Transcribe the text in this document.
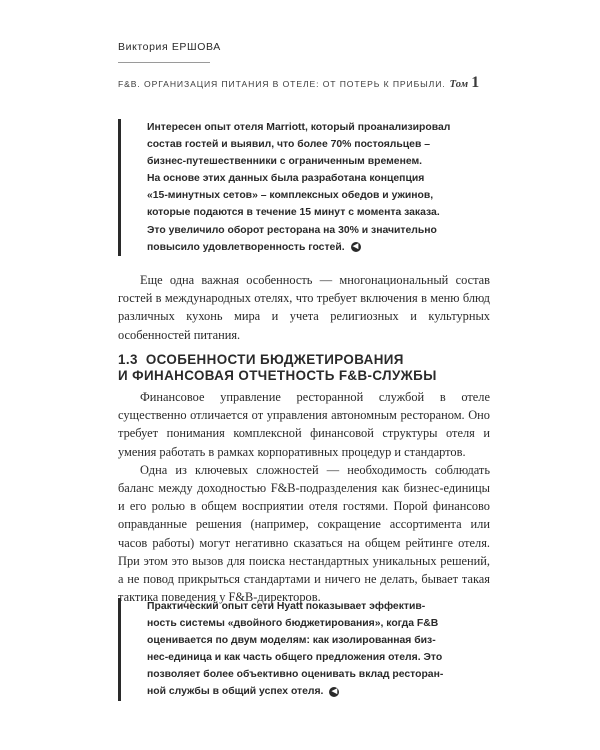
Виктория ЕРШОВА
F&B. ОРГАНИЗАЦИЯ ПИТАНИЯ В ОТЕЛЕ: ОТ ПОТЕРЬ К ПРИБЫЛИ. Том 1
Интересен опыт отеля Marriott, который проанализировал
состав гостей и выявил, что более 70% постояльцев –
бизнес-путешественники с ограниченным временем.
На основе этих данных была разработана концепция
«15-минутных сетов» – комплексных обедов и ужинов,
которые подаются в течение 15 минут с момента заказа.
Это увеличило оборот ресторана на 30% и значительно
повысило удовлетворенность гостей. ◀

Еще одна важная особенность — многонациональный состав гостей в международных отелях, что требует включения в меню блюд различных кухонь мира и учета религиозных и культурных особенностей питания.

1.3 ОСОБЕННОСТИ БЮДЖЕТИРОВАНИЯ
И ФИНАНСОВАЯ ОТЧЕТНОСТЬ F&B-СЛУЖБЫ

Финансовое управление ресторанной службой в отеле существенно отличается от управления автономным рестораном. Оно требует понимания комплексной финансовой структуры отеля и умения работать в рамках корпоративных процедур и стандартов.

Одна из ключевых сложностей — необходимость соблюдать баланс между доходностью F&B-подразделения как бизнес-единицы и его ролью в общем восприятии отеля гостями. Порой финансово оправданные решения (например, сокращение ассортимента или часов работы) могут негативно сказаться на общем рейтинге отеля. При этом это вызов для поиска нестандартных уникальных решений, а не повод прикрыться стандартами и ничего не делать, бывает такая тактика поведения у F&B-директоров.

Практический опыт сети Hyatt показывает эффектив-
ность системы «двойного бюджетирования», когда F&B
оценивается по двум моделям: как изолированная биз-
нес-единица и как часть общего предложения отеля. Это
позволяет более объективно оценивать вклад ресторан-
ной службы в общий успех отеля. ◀
